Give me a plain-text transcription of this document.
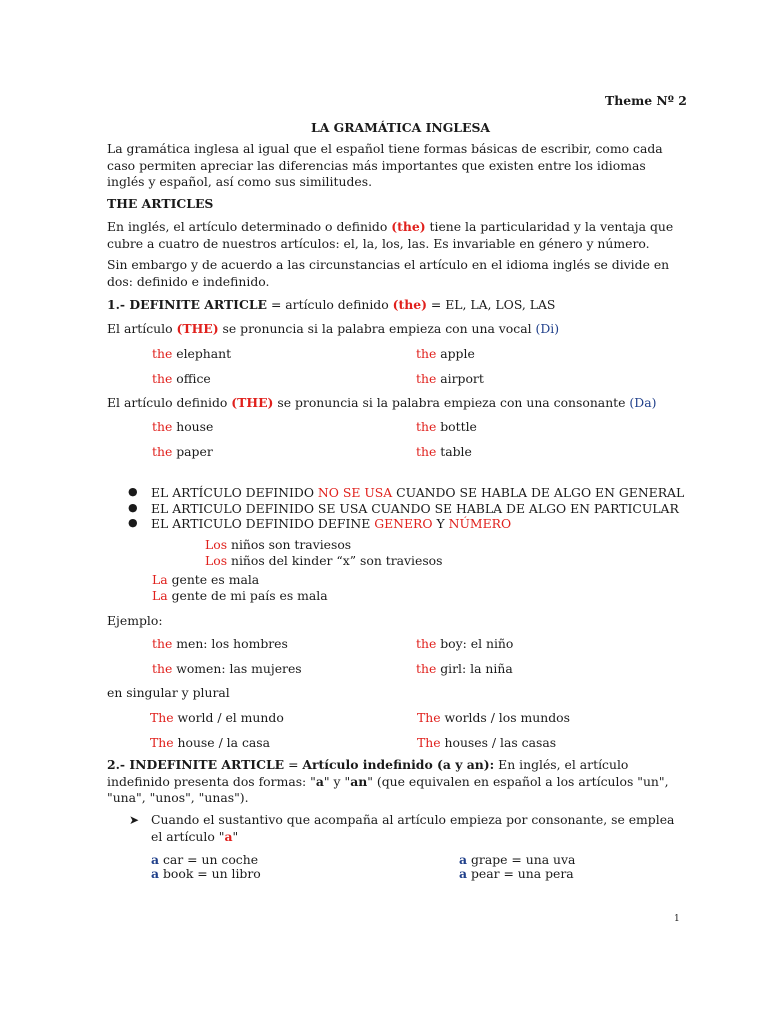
Theme Nº 2
LA GRAMÁTICA INGLESA
La gramática inglesa al igual que el español tiene formas básicas de escribir, como cada caso permiten apreciar las diferencias más importantes que existen entre los idiomas inglés y español, así como sus similitudes.
THE ARTICLES
En inglés, el artículo determinado o definido (the) tiene la particularidad y la ventaja que cubre a cuatro de nuestros artículos: el, la, los, las. Es invariable en género y número.
Sin embargo y de acuerdo a las circunstancias el artículo en el idioma inglés se divide en dos: definido e indefinido.
1.- DEFINITE ARTICLE = artículo definido (the) = EL, LA, LOS, LAS
El artículo (THE) se pronuncia si la palabra empieza con una vocal (Di)
the elephant	the apple
the office	the airport
El artículo definido (THE) se pronuncia si la palabra empieza con una consonante (Da)
the house	the bottle
the paper	the table
● EL ARTÍCULO DEFINIDO NO SE USA CUANDO SE HABLA DE ALGO EN GENERAL
● EL ARTICULO DEFINIDO SE USA CUANDO SE HABLA DE ALGO EN PARTICULAR
● EL ARTICULO DEFINIDO DEFINE GENERO Y NÚMERO
Los niños son traviesos
Los niños del kinder “x” son traviesos
La gente es mala
La gente de mi país es mala
Ejemplo:
the men: los hombres	the boy: el niño
the women: las mujeres	the girl: la niña
en singular y plural
The world / el mundo	The worlds / los mundos
The house / la casa	The houses / las casas
2.- INDEFINITE ARTICLE = Artículo indefinido (a y an): En inglés, el artículo indefinido presenta dos formas: "a" y "an" (que equivalen en español a los artículos "un", "una", "unos", "unas").
➤ Cuando el sustantivo que acompaña al artículo empieza por consonante, se emplea el artículo "a"
a car = un coche	a grape = una uva
a book = un libro	a pear = una pera
1
